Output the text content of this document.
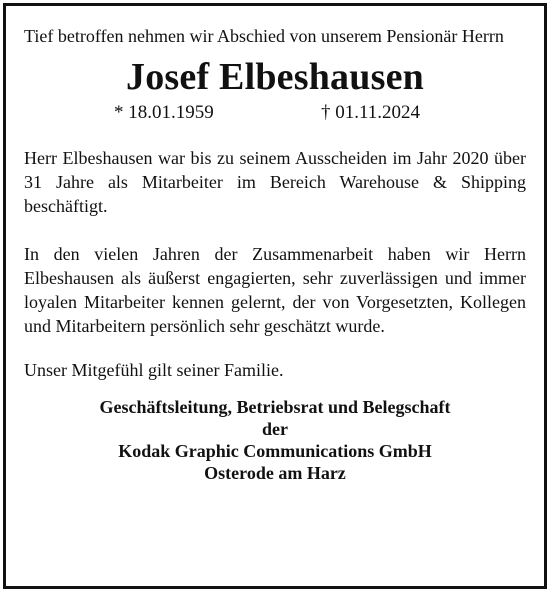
Tief betroffen nehmen wir Abschied von unserem Pensionär Herrn

Josef Elbeshausen
* 18.01.1959	† 01.11.2024

Herr Elbeshausen war bis zu seinem Ausscheiden im Jahr 2020 über 31 Jahre als Mitarbeiter im Bereich Warehouse & Shipping beschäftigt.

In den vielen Jahren der Zusammenarbeit haben wir Herrn Elbeshausen als äußerst engagierten, sehr zuverlässigen und immer loyalen Mitarbeiter kennen gelernt, der von Vorgesetzten, Kollegen und Mitarbeitern persönlich sehr geschätzt wurde.

Unser Mitgefühl gilt seiner Familie.

Geschäftsleitung, Betriebsrat und Belegschaft
der
Kodak Graphic Communications GmbH
Osterode am Harz
